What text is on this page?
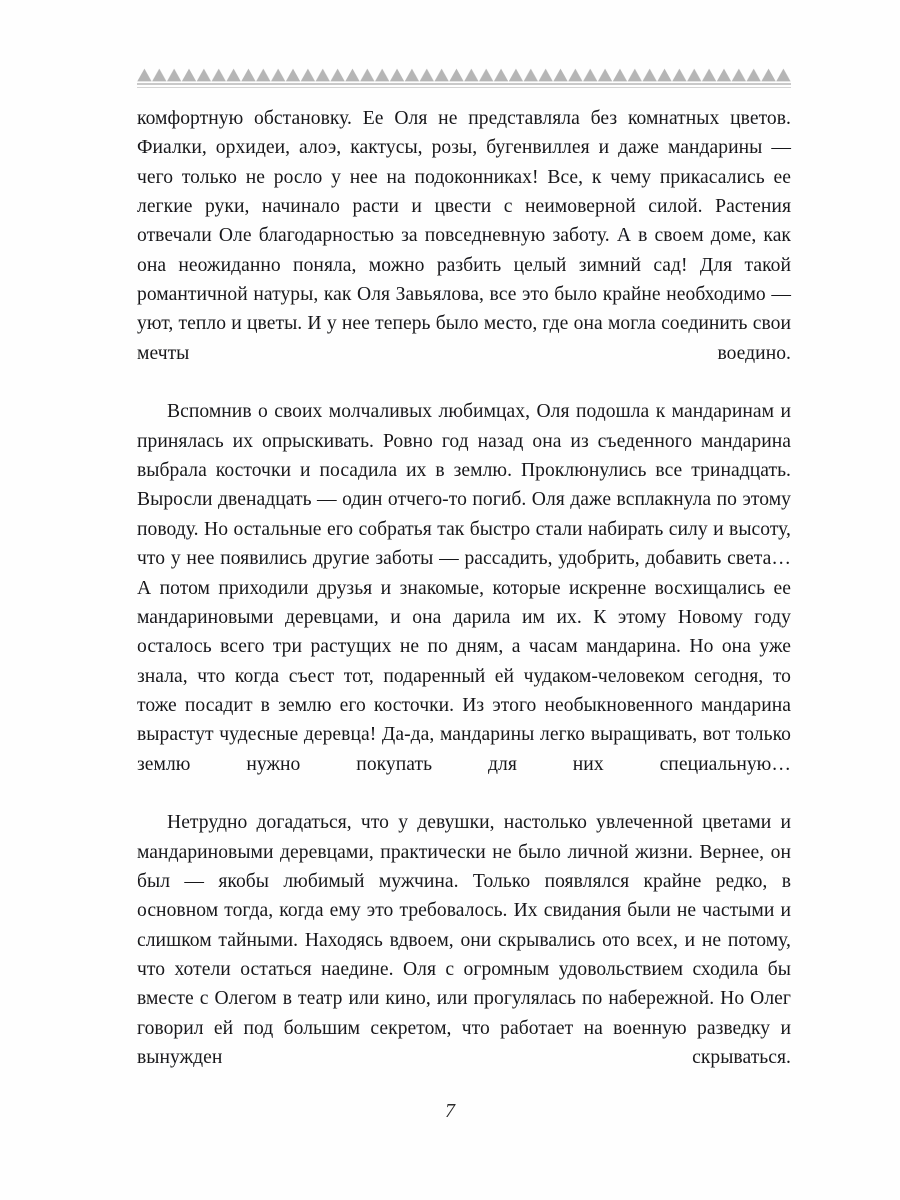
комфортную обстановку. Ее Оля не представляла без комнатных цветов. Фиалки, орхидеи, алоэ, кактусы, розы, бугенвиллея и даже мандарины — чего только не росло у нее на подоконниках! Все, к чему прикасались ее легкие руки, начинало расти и цвести с неимоверной силой. Растения отвечали Оле благодарностью за повседневную заботу. А в своем доме, как она неожиданно поняла, можно разбить целый зимний сад! Для такой романтичной натуры, как Оля Завьялова, все это было крайне необходимо — уют, тепло и цветы. И у нее теперь было место, где она могла соединить свои мечты воедино.

Вспомнив о своих молчаливых любимцах, Оля подошла к мандаринам и принялась их опрыскивать. Ровно год назад она из съеденного мандарина выбрала косточки и посадила их в землю. Проклюнулись все тринадцать. Выросли двенадцать — один отчего-то погиб. Оля даже всплакнула по этому поводу. Но остальные его собратья так быстро стали набирать силу и высоту, что у нее появились другие заботы — рассадить, удобрить, добавить света… А потом приходили друзья и знакомые, которые искренне восхищались ее мандариновыми деревцами, и она дарила им их. К этому Новому году осталось всего три растущих не по дням, а часам мандарина. Но она уже знала, что когда съест тот, подаренный ей чудаком-человеком сегодня, то тоже посадит в землю его косточки. Из этого необыкновенного мандарина вырастут чудесные деревца! Да-да, мандарины легко выращивать, вот только землю нужно покупать для них специальную…

Нетрудно догадаться, что у девушки, настолько увлеченной цветами и мандариновыми деревцами, практически не было личной жизни. Вернее, он был — якобы любимый мужчина. Только появлялся крайне редко, в основном тогда, когда ему это требовалось. Их свидания были не частыми и слишком тайными. Находясь вдвоем, они скрывались ото всех, и не потому, что хотели остаться наедине. Оля с огромным удовольствием сходила бы вместе с Олегом в театр или кино, или прогулялась по набережной. Но Олег говорил ей под большим секретом, что работает на военную разведку и вынужден скрываться.

7
